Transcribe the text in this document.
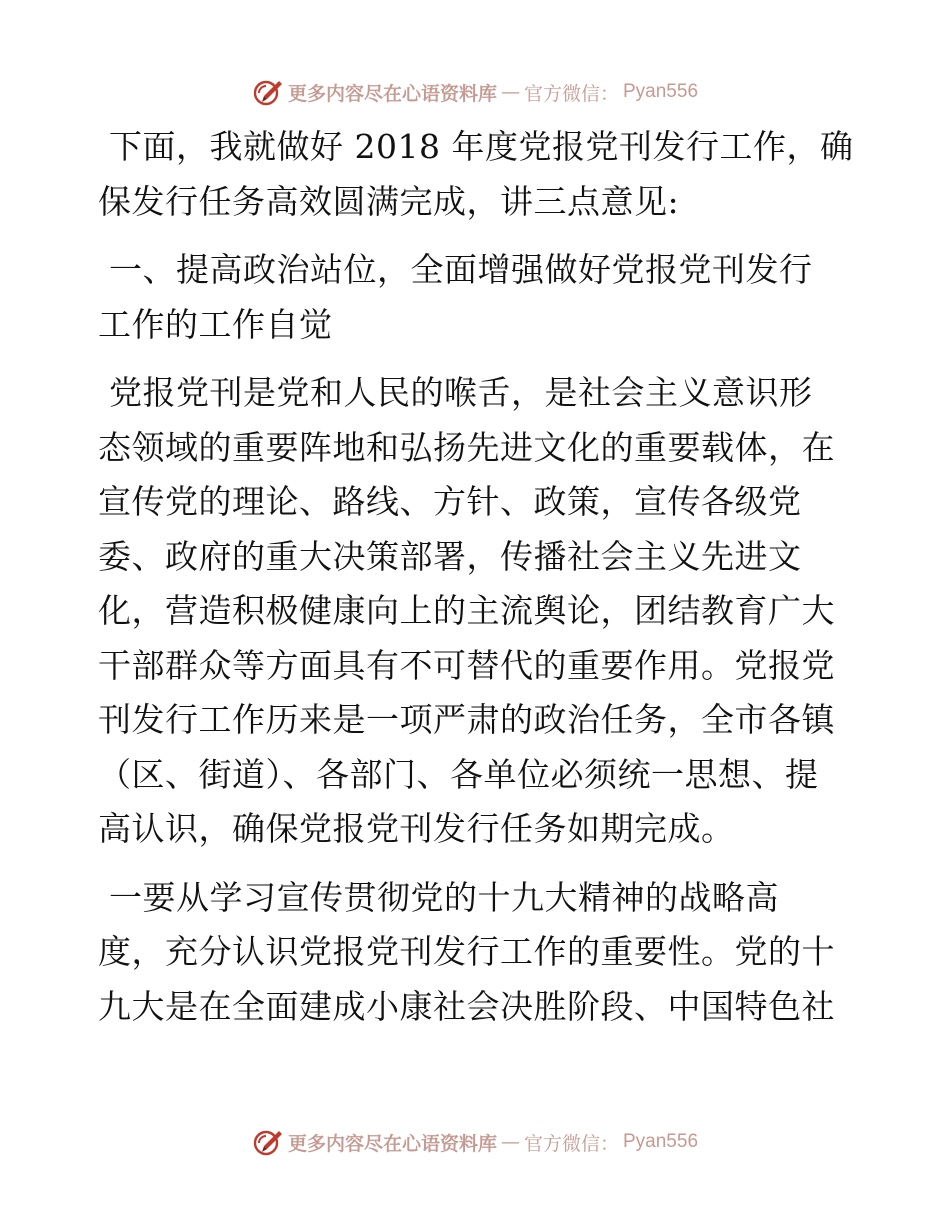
更多内容尽在心语资料库 — 官方微信： Pyan556

下面，我就做好 2018 年度党报党刊发行工作，确

保发行任务高效圆满完成，讲三点意见:

一、提高政治站位，全面增强做好党报党刊发行

工作的工作自觉

党报党刊是党和人民的喉舌，是社会主义意识形

态领域的重要阵地和弘扬先进文化的重要载体，在

宣传党的理论、路线、方针、政策，宣传各级党

委、政府的重大决策部署，传播社会主义先进文

化，营造积极健康向上的主流舆论，团结教育广大

干部群众等方面具有不可替代的重要作用。党报党

刊发行工作历来是一项严肃的政治任务，全市各镇

（区、街道）、各部门、各单位必须统一思想、提

高认识，确保党报党刊发行任务如期完成。

一要从学习宣传贯彻党的十九大精神的战略高

度，充分认识党报党刊发行工作的重要性。党的十

九大是在全面建成小康社会决胜阶段、中国特色社

更多内容尽在心语资料库 — 官方微信： Pyan556
